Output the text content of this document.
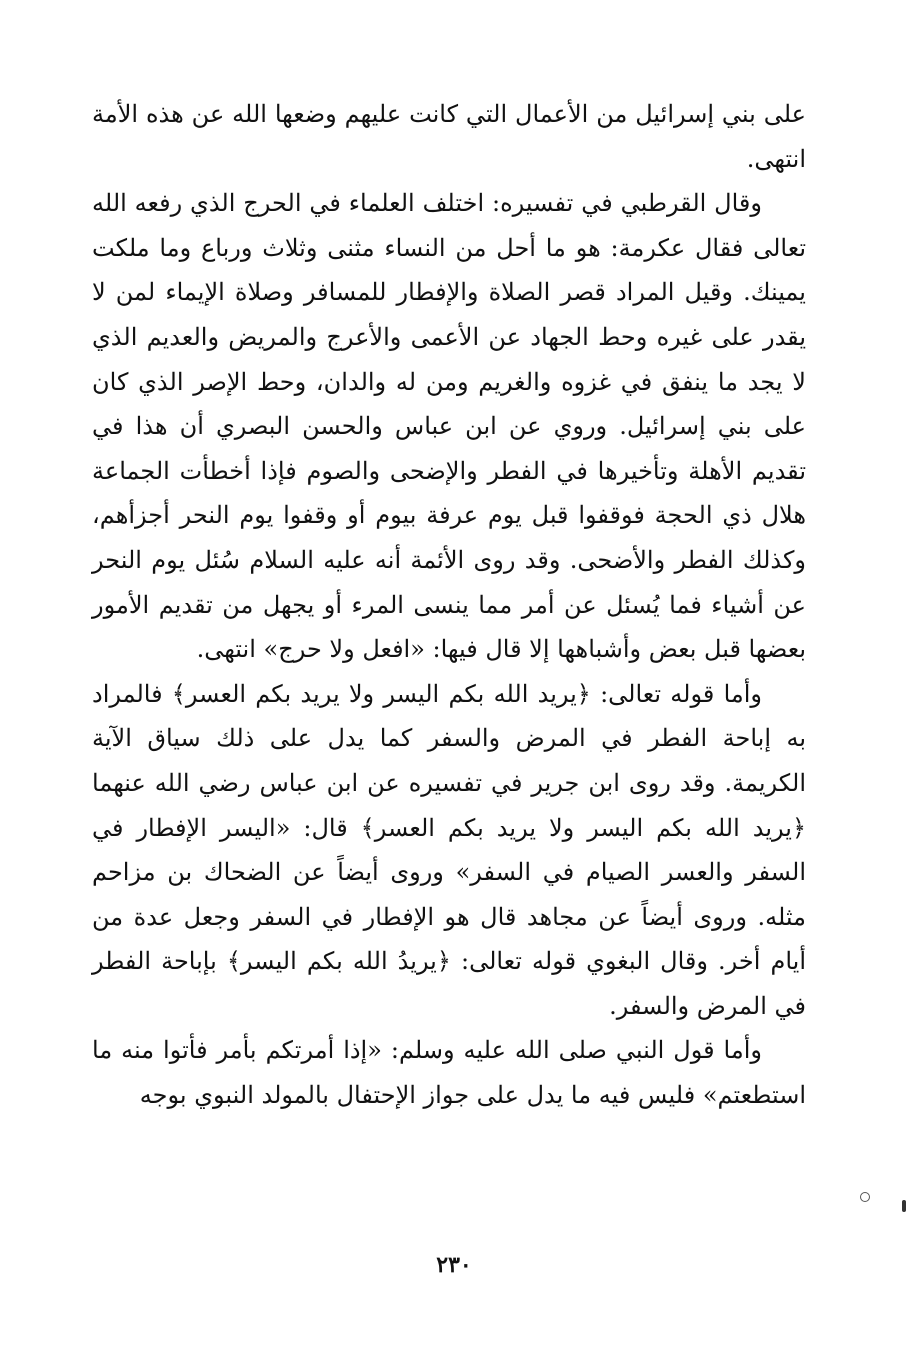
على بني إسرائيل من الأعمال التي كانت عليهم وضعها الله عن هذه الأمة انتهى.

وقال القرطبي في تفسيره: اختلف العلماء في الحرج الذي رفعه الله تعالى فقال عكرمة: هو ما أحل من النساء مثنى وثلاث ورباع وما ملكت يمينك. وقيل المراد قصر الصلاة والإفطار للمسافر وصلاة الإيماء لمن لا يقدر على غيره وحط الجهاد عن الأعمى والأعرج والمريض والعديم الذي لا يجد ما ينفق في غزوه والغريم ومن له والدان، وحط الإصر الذي كان على بني إسرائيل. وروي عن ابن عباس والحسن البصري أن هذا في تقديم الأهلة وتأخيرها في الفطر والإضحى والصوم فإذا أخطأت الجماعة هلال ذي الحجة فوقفوا قبل يوم عرفة بيوم أو وقفوا يوم النحر أجزأهم، وكذلك الفطر والأضحى. وقد روى الأئمة أنه عليه السلام سُئل يوم النحر عن أشياء فما يُسئل عن أمر مما ينسى المرء أو يجهل من تقديم الأمور بعضها قبل بعض وأشباهها إلا قال فيها: «افعل ولا حرج» انتهى.

وأما قوله تعالى: ﴿يريد الله بكم اليسر ولا يريد بكم العسر﴾ فالمراد به إباحة الفطر في المرض والسفر كما يدل على ذلك سياق الآية الكريمة. وقد روى ابن جرير في تفسيره عن ابن عباس رضي الله عنهما ﴿يريد الله بكم اليسر ولا يريد بكم العسر﴾ قال: «اليسر الإفطار في السفر والعسر الصيام في السفر» وروى أيضاً عن الضحاك بن مزاحم مثله. وروى أيضاً عن مجاهد قال هو الإفطار في السفر وجعل عدة من أيام أخر. وقال البغوي قوله تعالى: ﴿يريدُ الله بكم اليسر﴾ بإباحة الفطر في المرض والسفر.

وأما قول النبي صلى الله عليه وسلم: «إذا أمرتكم بأمر فأتوا منه ما استطعتم» فليس فيه ما يدل على جواز الإحتفال بالمولد النبوي بوجه

٢٣٠
